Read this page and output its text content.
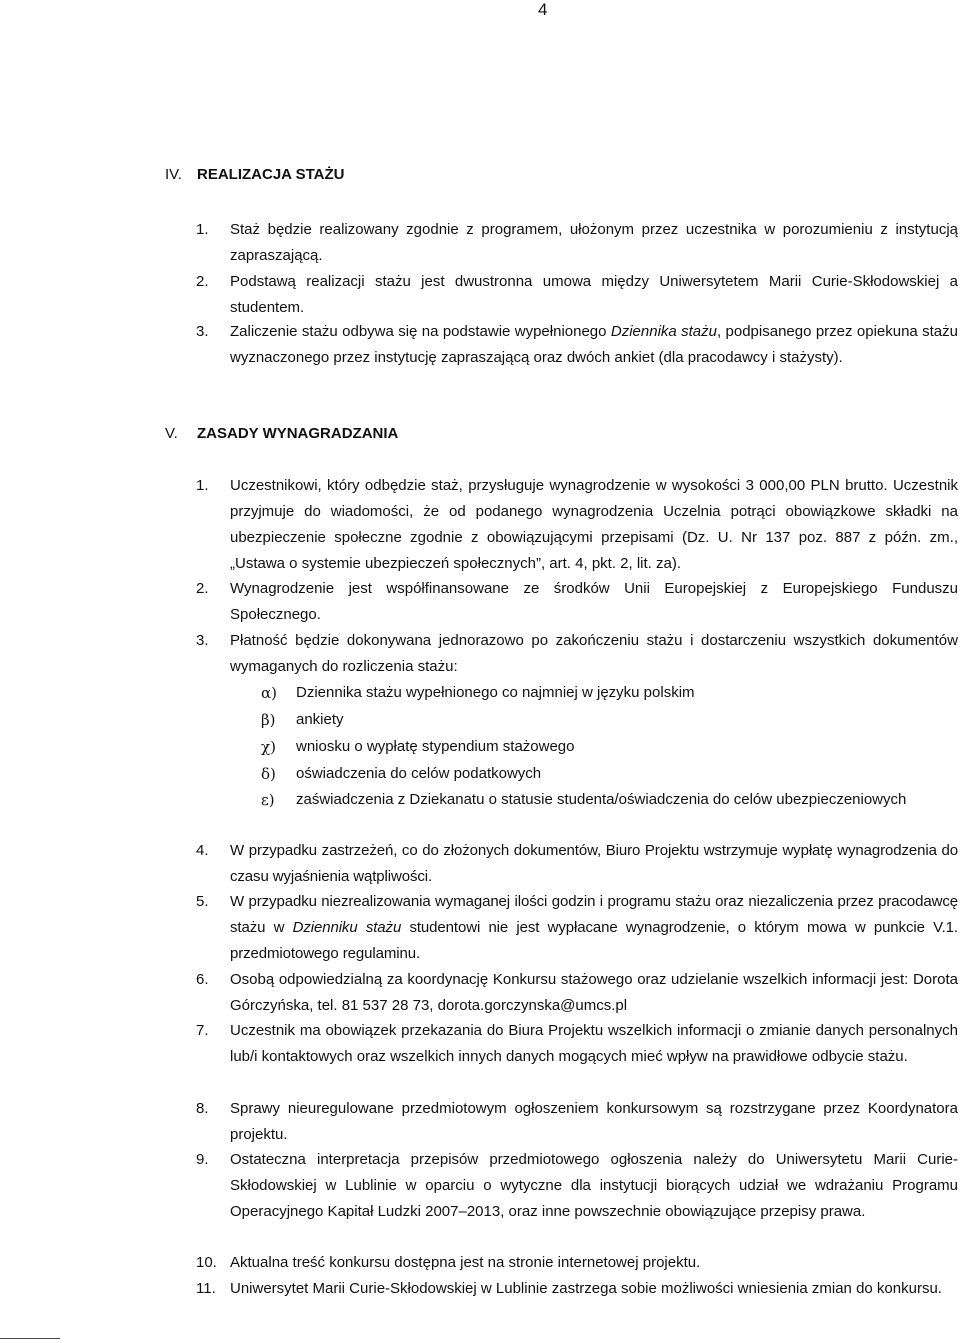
4
IV. REALIZACJA STAŻU
1.	Staż będzie realizowany zgodnie z programem, ułożonym przez uczestnika w porozumieniu z instytucją zapraszającą.
2.	Podstawą realizacji stażu jest dwustronna umowa między Uniwersytetem Marii Curie-Skłodowskiej a studentem.
3.	Zaliczenie stażu odbywa się na podstawie wypełnionego Dziennika stażu, podpisanego przez opiekuna stażu wyznaczonego przez instytucję zapraszającą oraz dwóch ankiet (dla pracodawcy i stażysty).
V. ZASADY WYNAGRADZANIA
1.	Uczestnikowi, który odbędzie staż, przysługuje wynagrodzenie w wysokości 3 000,00 PLN brutto. Uczestnik przyjmuje do wiadomości, że od podanego wynagrodzenia Uczelnia potrąci obowiązkowe składki na ubezpieczenie społeczne zgodnie z obowiązującymi przepisami (Dz. U. Nr 137 poz. 887 z późn. zm., „Ustawa o systemie ubezpieczeń społecznych”, art. 4, pkt. 2, lit. za).
2.	Wynagrodzenie jest współfinansowane ze środków Unii Europejskiej z Europejskiego Funduszu Społecznego.
3.	Płatność będzie dokonywana jednorazowo po zakończeniu stażu i dostarczeniu wszystkich dokumentów wymaganych do rozliczenia stażu:
α) Dziennika stażu wypełnionego co najmniej w języku polskim
β) ankiety
χ) wniosku o wypłatę stypendium stażowego
δ) oświadczenia do celów podatkowych
ε) zaświadczenia z Dziekanatu o statusie studenta/oświadczenia do celów ubezpieczeniowych
4.	W przypadku zastrzeżeń, co do złożonych dokumentów, Biuro Projektu wstrzymuje wypłatę wynagrodzenia do czasu wyjaśnienia wątpliwości.
5.	W przypadku niezrealizowania wymaganej ilości godzin i programu stażu oraz niezaliczenia przez pracodawcę stażu w Dzienniku stażu studentowi nie jest wypłacane wynagrodzenie, o którym mowa w punkcie V.1. przedmiotowego regulaminu.
6.	Osobą odpowiedzialną za koordynację Konkursu stażowego oraz udzielanie wszelkich informacji jest: Dorota Górczyńska, tel. 81 537 28 73, dorota.gorczynska@umcs.pl
7.	Uczestnik ma obowiązek przekazania do Biura Projektu wszelkich informacji o zmianie danych personalnych lub/i kontaktowych oraz wszelkich innych danych mogących mieć wpływ na prawidłowe odbycie stażu.
8.	Sprawy nieuregulowane przedmiotowym ogłoszeniem konkursowym są rozstrzygane przez Koordynatora projektu.
9.	Ostateczna interpretacja przepisów przedmiotowego ogłoszenia należy do Uniwersytetu Marii Curie-Skłodowskiej w Lublinie w oparciu o wytyczne dla instytucji biorących udział we wdrażaniu Programu Operacyjnego Kapitał Ludzki 2007–2013, oraz inne powszechnie obowiązujące przepisy prawa.
10. Aktualna treść konkursu dostępna jest na stronie internetowej projektu.
11. Uniwersytet Marii Curie-Skłodowskiej w Lublinie zastrzega sobie możliwości wniesienia zmian do konkursu.
